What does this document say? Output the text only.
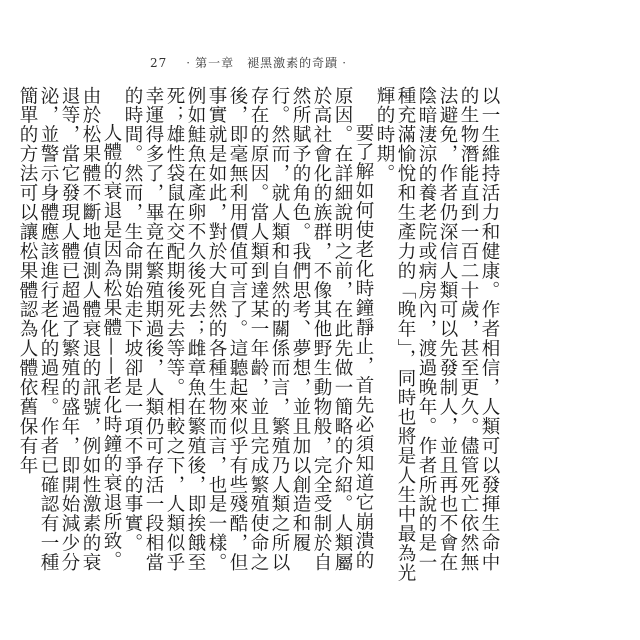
27 ‧第一章　褪黑激素的奇蹟‧

以一生維持活力和健康。作者相信，人類可以發揮生命中的生物潛能直到一百二十歲，甚至更久。儘管死亡依然無法避免，作者仍深信人類可以先發制人，並且再也不會在陰暗淒涼的養老院或病房內，渡過晚年。作者所說的是一種充滿愉悅和生產力的「晚年」，同時也將是人生中最為光輝的時期。

要了解如何使老化時鐘靜止，首先必須知道它崩潰的原因。在詳細說明之前，在此先做一簡略的介紹。人類屬於高社會化的族群，不像其他野生動物般，完全受制於自然所賦予的角色。我們思考、夢想，並且加以創造和履行。然而，就人類和自然的關係而言，繁殖乃人類之所以存在的原因。當人類到達某一年齡，並且完成繁殖使命之後，即毫無利用價值可言了。這聽起來似乎有些殘酷，但事實就是如此，對於大自然的各種生物而言，也是一樣。例如鮭魚在產卵不久後死去；雌章魚在繁殖後，即挨餓至死；雄性袋鼠在交配期後死去等等。相較之下，人類似乎幸運得多了，畢竟在繁殖期過後，人類仍可存活一段相當的時間。然而，生命開始走下坡卻是一項不爭的事實。

人體的衰退是因為松果體——老化時鐘的衰退所致。由於松果體不斷地偵測人體衰退的訊號，例如性激素的衰退等，當它發現人體已超過了繁殖的盛年，即開始減少分泌，並警示身體應該進行老化的過程。作者已確認有一種簡單的方法可以讓松果體認為人體依舊保有年
